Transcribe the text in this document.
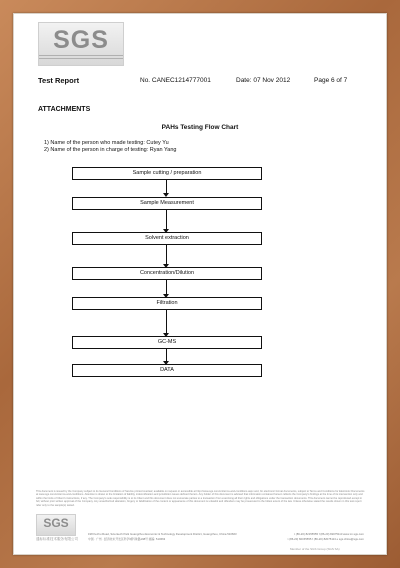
SGS
Test Report	No. CANEC1214777001	Date: 07 Nov 2012	Page 6 of 7
ATTACHMENTS
PAHs Testing Flow Chart
1) Name of the person who made testing: Cutey Yu
2) Name of the person in charge of testing: Ryan Yang
Sample cutting / preparation
Sample Measurement
Solvent extraction
Concentration/Dilution
Filtration
GC-MS
DATA
This document is issued by the Company subject to its General Conditions of Service printed overleaf, available on request or accessible at http://www.sgs.com/en/terms-and-conditions.aspx and, for electronic format documents, subject to Terms and Conditions for Electronic Documents at www.sgs.com/en/terms-and-conditions. Attention is drawn to the limitation of liability, indemnification and jurisdiction issues defined therein. Any holder of this document is advised that information contained hereon reflects the Company's findings at the time of its intervention only and within the limits of Client's instructions, if any. The Company's sole responsibility is to its Client and this document does not exonerate parties to a transaction from exercising all their rights and obligations under the transaction documents. This document cannot be reproduced except in full, without prior written approval of the Company. Any unauthorized alteration, forgery or falsification of the content or appearance of this document is unlawful and offenders may be prosecuted to the fullest extent of the law. Unless otherwise stated the results shown in this test report refer only to the sample(s) tested.
SGS
通标标准技术服务有限公司
198 Kezhu Road, Scientech Park Guangzhou Economic & Technology Development District, Guangzhou, China 510663
中国 · 广州 · 经济技术开发区科学城科珠路198号 邮编: 510663
t (86-20) 82155555 f (86-20) 82075113 www.cn.sgs.com
t (86-20) 82155555 f (86-20) 82075113 e sgs.china@sgs.com
Member of the SGS Group (SGS SA)
